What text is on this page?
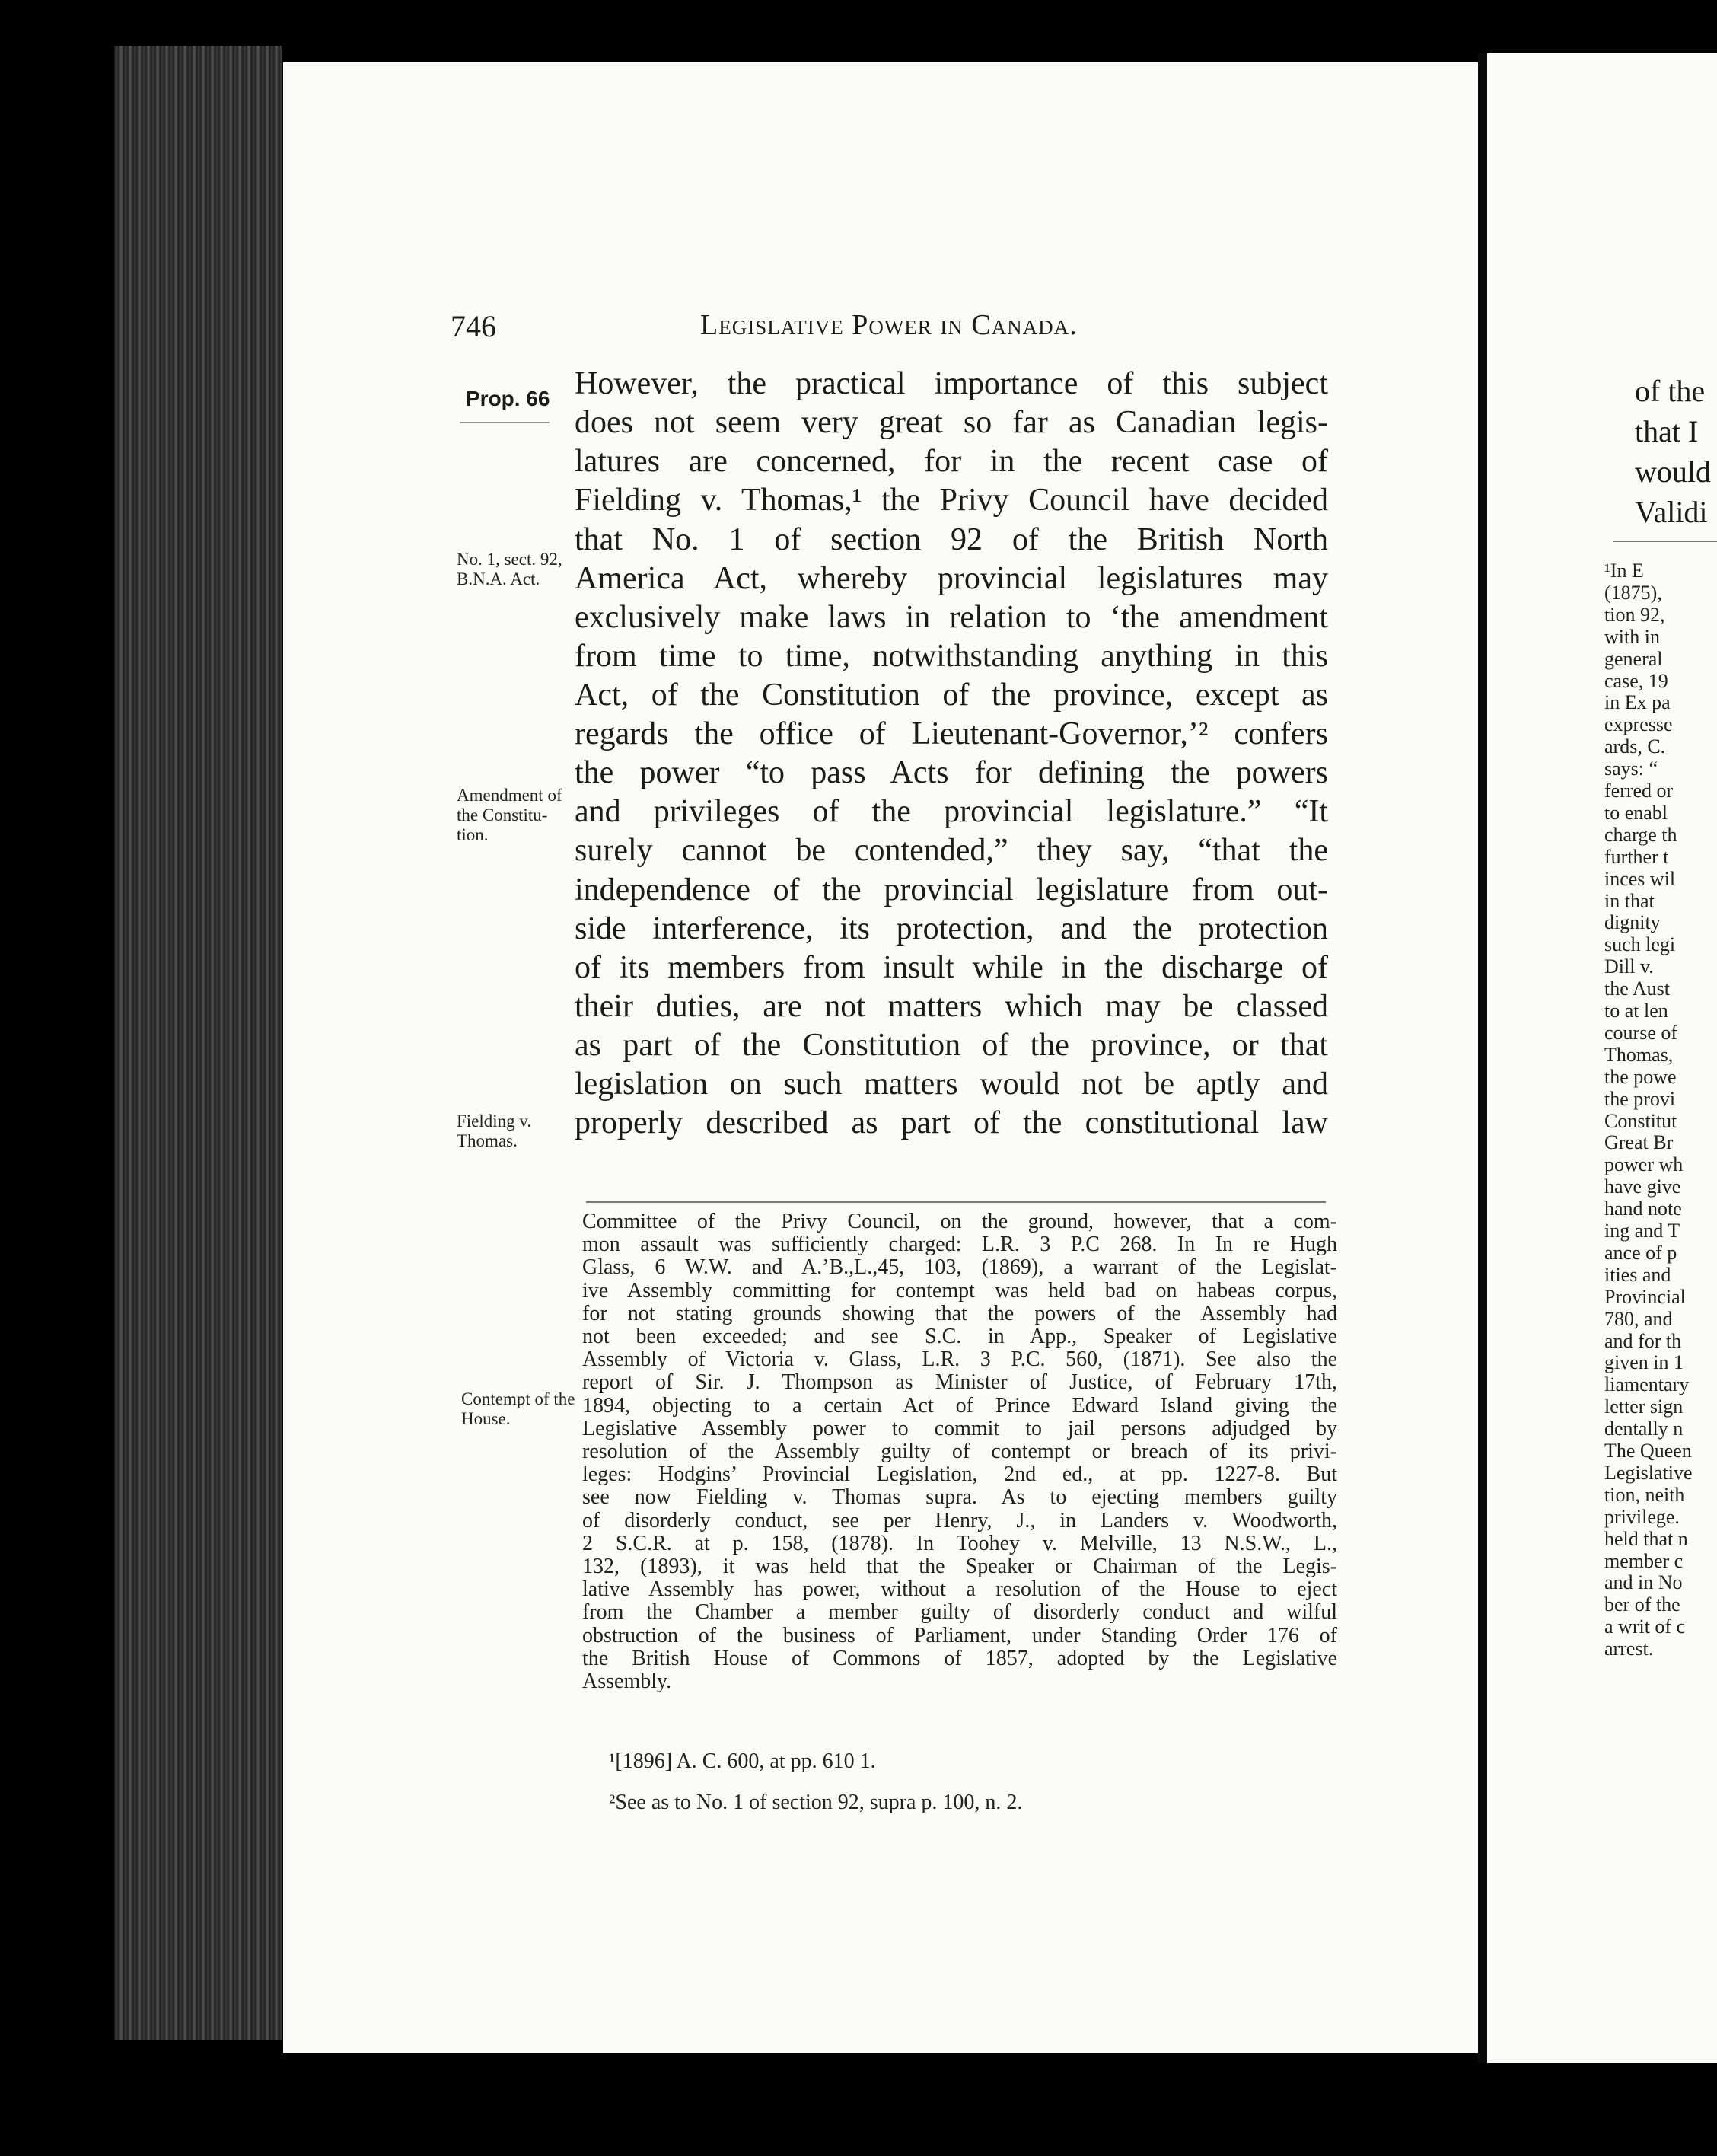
746	Legislative Power in Canada.
Prop. 66
No. 1, sect. 92, B.N.A. Act.
Amendment of the Constitu- tion.
Fielding v. Thomas.
Contempt of the House.
However, the practical importance of this subject
does not seem very great so far as Canadian legis-
latures are concerned, for in the recent case of
Fielding v. Thomas,¹ the Privy Council have decided
that No. 1 of section 92 of the British North
America Act, whereby provincial legislatures may
exclusively make laws in relation to ‘the amendment
from time to time, notwithstanding anything in this
Act, of the Constitution of the province, except as
regards the office of Lieutenant-Governor,’² confers
the power “to pass Acts for defining the powers
and privileges of the provincial legislature.” “It
surely cannot be contended,” they say, “that the
independence of the provincial legislature from out-
side interference, its protection, and the protection
of its members from insult while in the discharge of
their duties, are not matters which may be classed
as part of the Constitution of the province, or that
legislation on such matters would not be aptly and
properly described as part of the constitutional law
Committee of the Privy Council, on the ground, however, that a com-
mon assault was sufficiently charged: L.R. 3 P.C 268. In In re Hugh
Glass, 6 W.W. and A.’B.,L.,45, 103, (1869), a warrant of the Legislat-
ive Assembly committing for contempt was held bad on habeas corpus,
for not stating grounds showing that the powers of the Assembly had
not been exceeded; and see S.C. in App., Speaker of Legislative
Assembly of Victoria v. Glass, L.R. 3 P.C. 560, (1871). See also the
report of Sir. J. Thompson as Minister of Justice, of February 17th,
1894, objecting to a certain Act of Prince Edward Island giving the
Legislative Assembly power to commit to jail persons adjudged by
resolution of the Assembly guilty of contempt or breach of its privi-
leges: Hodgins’ Provincial Legislation, 2nd ed., at pp. 1227-8. But
see now Fielding v. Thomas supra. As to ejecting members guilty
of disorderly conduct, see per Henry, J., in Landers v. Woodworth,
2 S.C.R. at p. 158, (1878). In Toohey v. Melville, 13 N.S.W., L.,
132, (1893), it was held that the Speaker or Chairman of the Legis-
lative Assembly has power, without a resolution of the House to eject
from the Chamber a member guilty of disorderly conduct and wilful
obstruction of the business of Parliament, under Standing Order 176 of
the British House of Commons of 1857, adopted by the Legislative
Assembly.
¹[1896] A. C. 600, at pp. 610 1.
²See as to No. 1 of section 92, supra p. 100, n. 2.
of the
that I
would
Validi
¹In E
(1875),
tion 92,
with in
general
case, 19
in Ex pa
expresse
ards, C.
says: “
ferred or
to enabl
charge th
further t
inces wil
in that
dignity
such legi
Dill v.
the Aust
to at len
course of
Thomas,
the powe
the provi
Constitut
Great Br
power wh
have give
hand note
ing and T
ance of p
ities and
Provincial
780, and
and for th
given in 1
liamentary
letter sign
dentally n
The Queen
Legislative
tion, neith
privilege.
held that n
member c
and in No
ber of the
a writ of c
arrest.
